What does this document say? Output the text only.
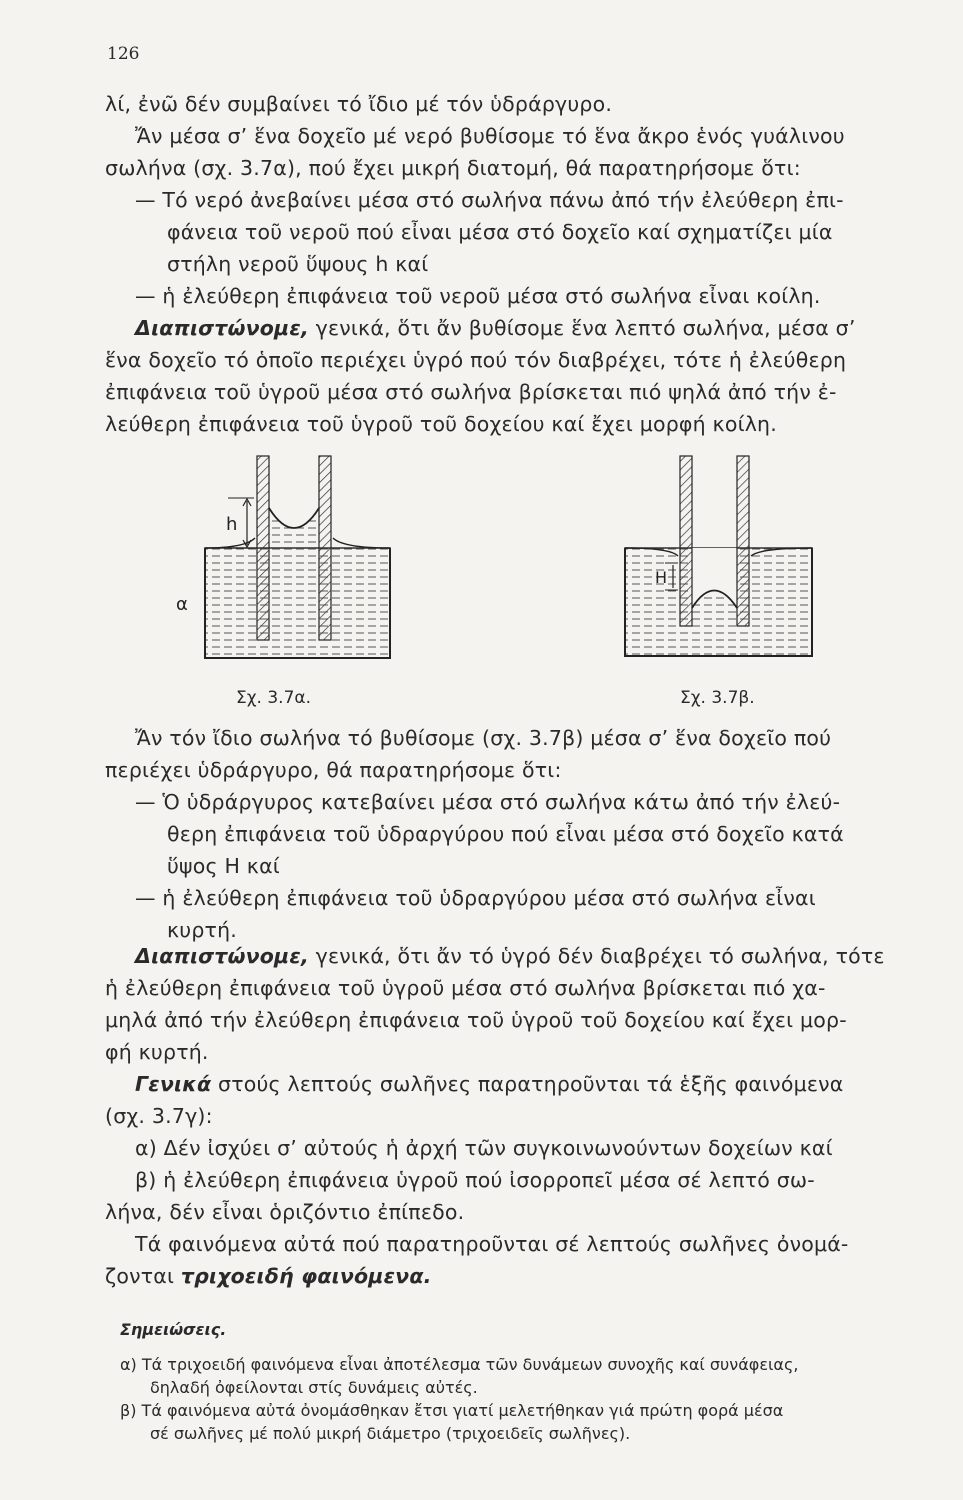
126
λί, ἐνῶ δέν συμβαίνει τό ἴδιο μέ τόν ὑδράργυρο.
Ἄν μέσα σ’ ἕνα δοχεῖο μέ νερό βυθίσομε τό ἕνα ἄκρο ἑνός γυάλινου
σωλήνα (σχ. 3.7α), πού ἔχει μικρή διατομή, θά παρατηρήσομε ὅτι:
— Τό νερό ἀνεβαίνει μέσα στό σωλήνα πάνω ἀπό τήν ἐλεύθερη ἐπι-
φάνεια τοῦ νεροῦ πού εἶναι μέσα στό δοχεῖο καί σχηματίζει μία
στήλη νεροῦ ὕψους h καί
— ἡ ἐλεύθερη ἐπιφάνεια τοῦ νεροῦ μέσα στό σωλήνα εἶναι κοίλη.
Διαπιστώνομε, γενικά, ὅτι ἄν βυθίσομε ἕνα λεπτό σωλήνα, μέσα σ’
ἕνα δοχεῖο τό ὁποῖο περιέχει ὑγρό πού τόν διαβρέχει, τότε ἡ ἐλεύθερη
ἐπιφάνεια τοῦ ὑγροῦ μέσα στό σωλήνα βρίσκεται πιό ψηλά ἀπό τήν ἐ-
λεύθερη ἐπιφάνεια τοῦ ὑγροῦ τοῦ δοχείου καί ἔχει μορφή κοίλη.
h
α
H
Σχ. 3.7α.	Σχ. 3.7β.
Ἄν τόν ἴδιο σωλήνα τό βυθίσομε (σχ. 3.7β) μέσα σ’ ἕνα δοχεῖο πού
περιέχει ὑδράργυρο, θά παρατηρήσομε ὅτι:
— Ὁ ὑδράργυρος κατεβαίνει μέσα στό σωλήνα κάτω ἀπό τήν ἐλεύ-
θερη ἐπιφάνεια τοῦ ὑδραργύρου πού εἶναι μέσα στό δοχεῖο κατά
ὕψος Η καί
— ἡ ἐλεύθερη ἐπιφάνεια τοῦ ὑδραργύρου μέσα στό σωλήνα εἶναι
κυρτή.
Διαπιστώνομε, γενικά, ὅτι ἄν τό ὑγρό δέν διαβρέχει τό σωλήνα, τότε
ἡ ἐλεύθερη ἐπιφάνεια τοῦ ὑγροῦ μέσα στό σωλήνα βρίσκεται πιό χα-
μηλά ἀπό τήν ἐλεύθερη ἐπιφάνεια τοῦ ὑγροῦ τοῦ δοχείου καί ἔχει μορ-
φή κυρτή.
Γενικά στούς λεπτούς σωλῆνες παρατηροῦνται τά ἑξῆς φαινόμενα
(σχ. 3.7γ):
α) Δέν ἰσχύει σ’ αὐτούς ἡ ἀρχή τῶν συγκοινωνούντων δοχείων καί
β) ἡ ἐλεύθερη ἐπιφάνεια ὑγροῦ πού ἰσορροπεῖ μέσα σέ λεπτό σω-
λήνα, δέν εἶναι ὁριζόντιο ἐπίπεδο.
Τά φαινόμενα αὐτά πού παρατηροῦνται σέ λεπτούς σωλῆνες ὀνομά-
ζονται τριχοειδή φαινόμενα.
Σημειώσεις.
α) Τά τριχοειδή φαινόμενα εἶναι ἀποτέλεσμα τῶν δυνάμεων συνοχῆς καί συνάφειας,
δηλαδή ὀφείλονται στίς δυνάμεις αὐτές.
β) Τά φαινόμενα αὐτά ὀνομάσθηκαν ἔτσι γιατί μελετήθηκαν γιά πρώτη φορά μέσα
σέ σωλῆνες μέ πολύ μικρή διάμετρο (τριχοειδεῖς σωλῆνες).
